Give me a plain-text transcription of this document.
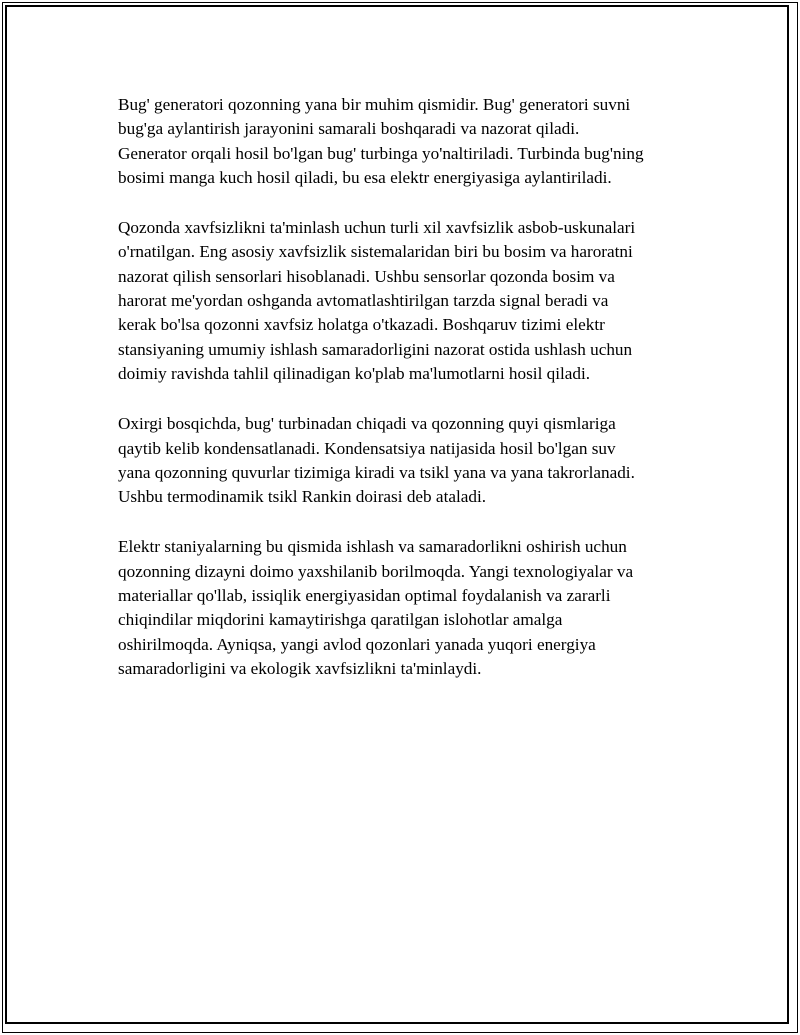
Bug' generatori qozonning yana bir muhim qismidir. Bug' generatori suvni
bug'ga aylantirish jarayonini samarali boshqaradi va nazorat qiladi.
Generator orqali hosil bo'lgan bug' turbinga yo'naltiriladi. Turbinda bug'ning
bosimi manga kuch hosil qiladi, bu esa elektr energiyasiga aylantiriladi.

Qozonda xavfsizlikni ta'minlash uchun turli xil xavfsizlik asbob-uskunalari
o'rnatilgan. Eng asosiy xavfsizlik sistemalaridan biri bu bosim va haroratni
nazorat qilish sensorlari hisoblanadi. Ushbu sensorlar qozonda bosim va
harorat me'yordan oshganda avtomatlashtirilgan tarzda signal beradi va
kerak bo'lsa qozonni xavfsiz holatga o'tkazadi. Boshqaruv tizimi elektr
stansiyaning umumiy ishlash samaradorligini nazorat ostida ushlash uchun
doimiy ravishda tahlil qilinadigan ko'plab ma'lumotlarni hosil qiladi.

Oxirgi bosqichda, bug' turbinadan chiqadi va qozonning quyi qismlariga
qaytib kelib kondensatlanadi. Kondensatsiya natijasida hosil bo'lgan suv
yana qozonning quvurlar tizimiga kiradi va tsikl yana va yana takrorlanadi.
Ushbu termodinamik tsikl Rankin doirasi deb ataladi.

Elektr staniyalarning bu qismida ishlash va samaradorlikni oshirish uchun
qozonning dizayni doimo yaxshilanib borilmoqda. Yangi texnologiyalar va
materiallar qo'llab, issiqlik energiyasidan optimal foydalanish va zararli
chiqindilar miqdorini kamaytirishga qaratilgan islohotlar amalga
oshirilmoqda. Ayniqsa, yangi avlod qozonlari yanada yuqori energiya
samaradorligini va ekologik xavfsizlikni ta'minlaydi.
